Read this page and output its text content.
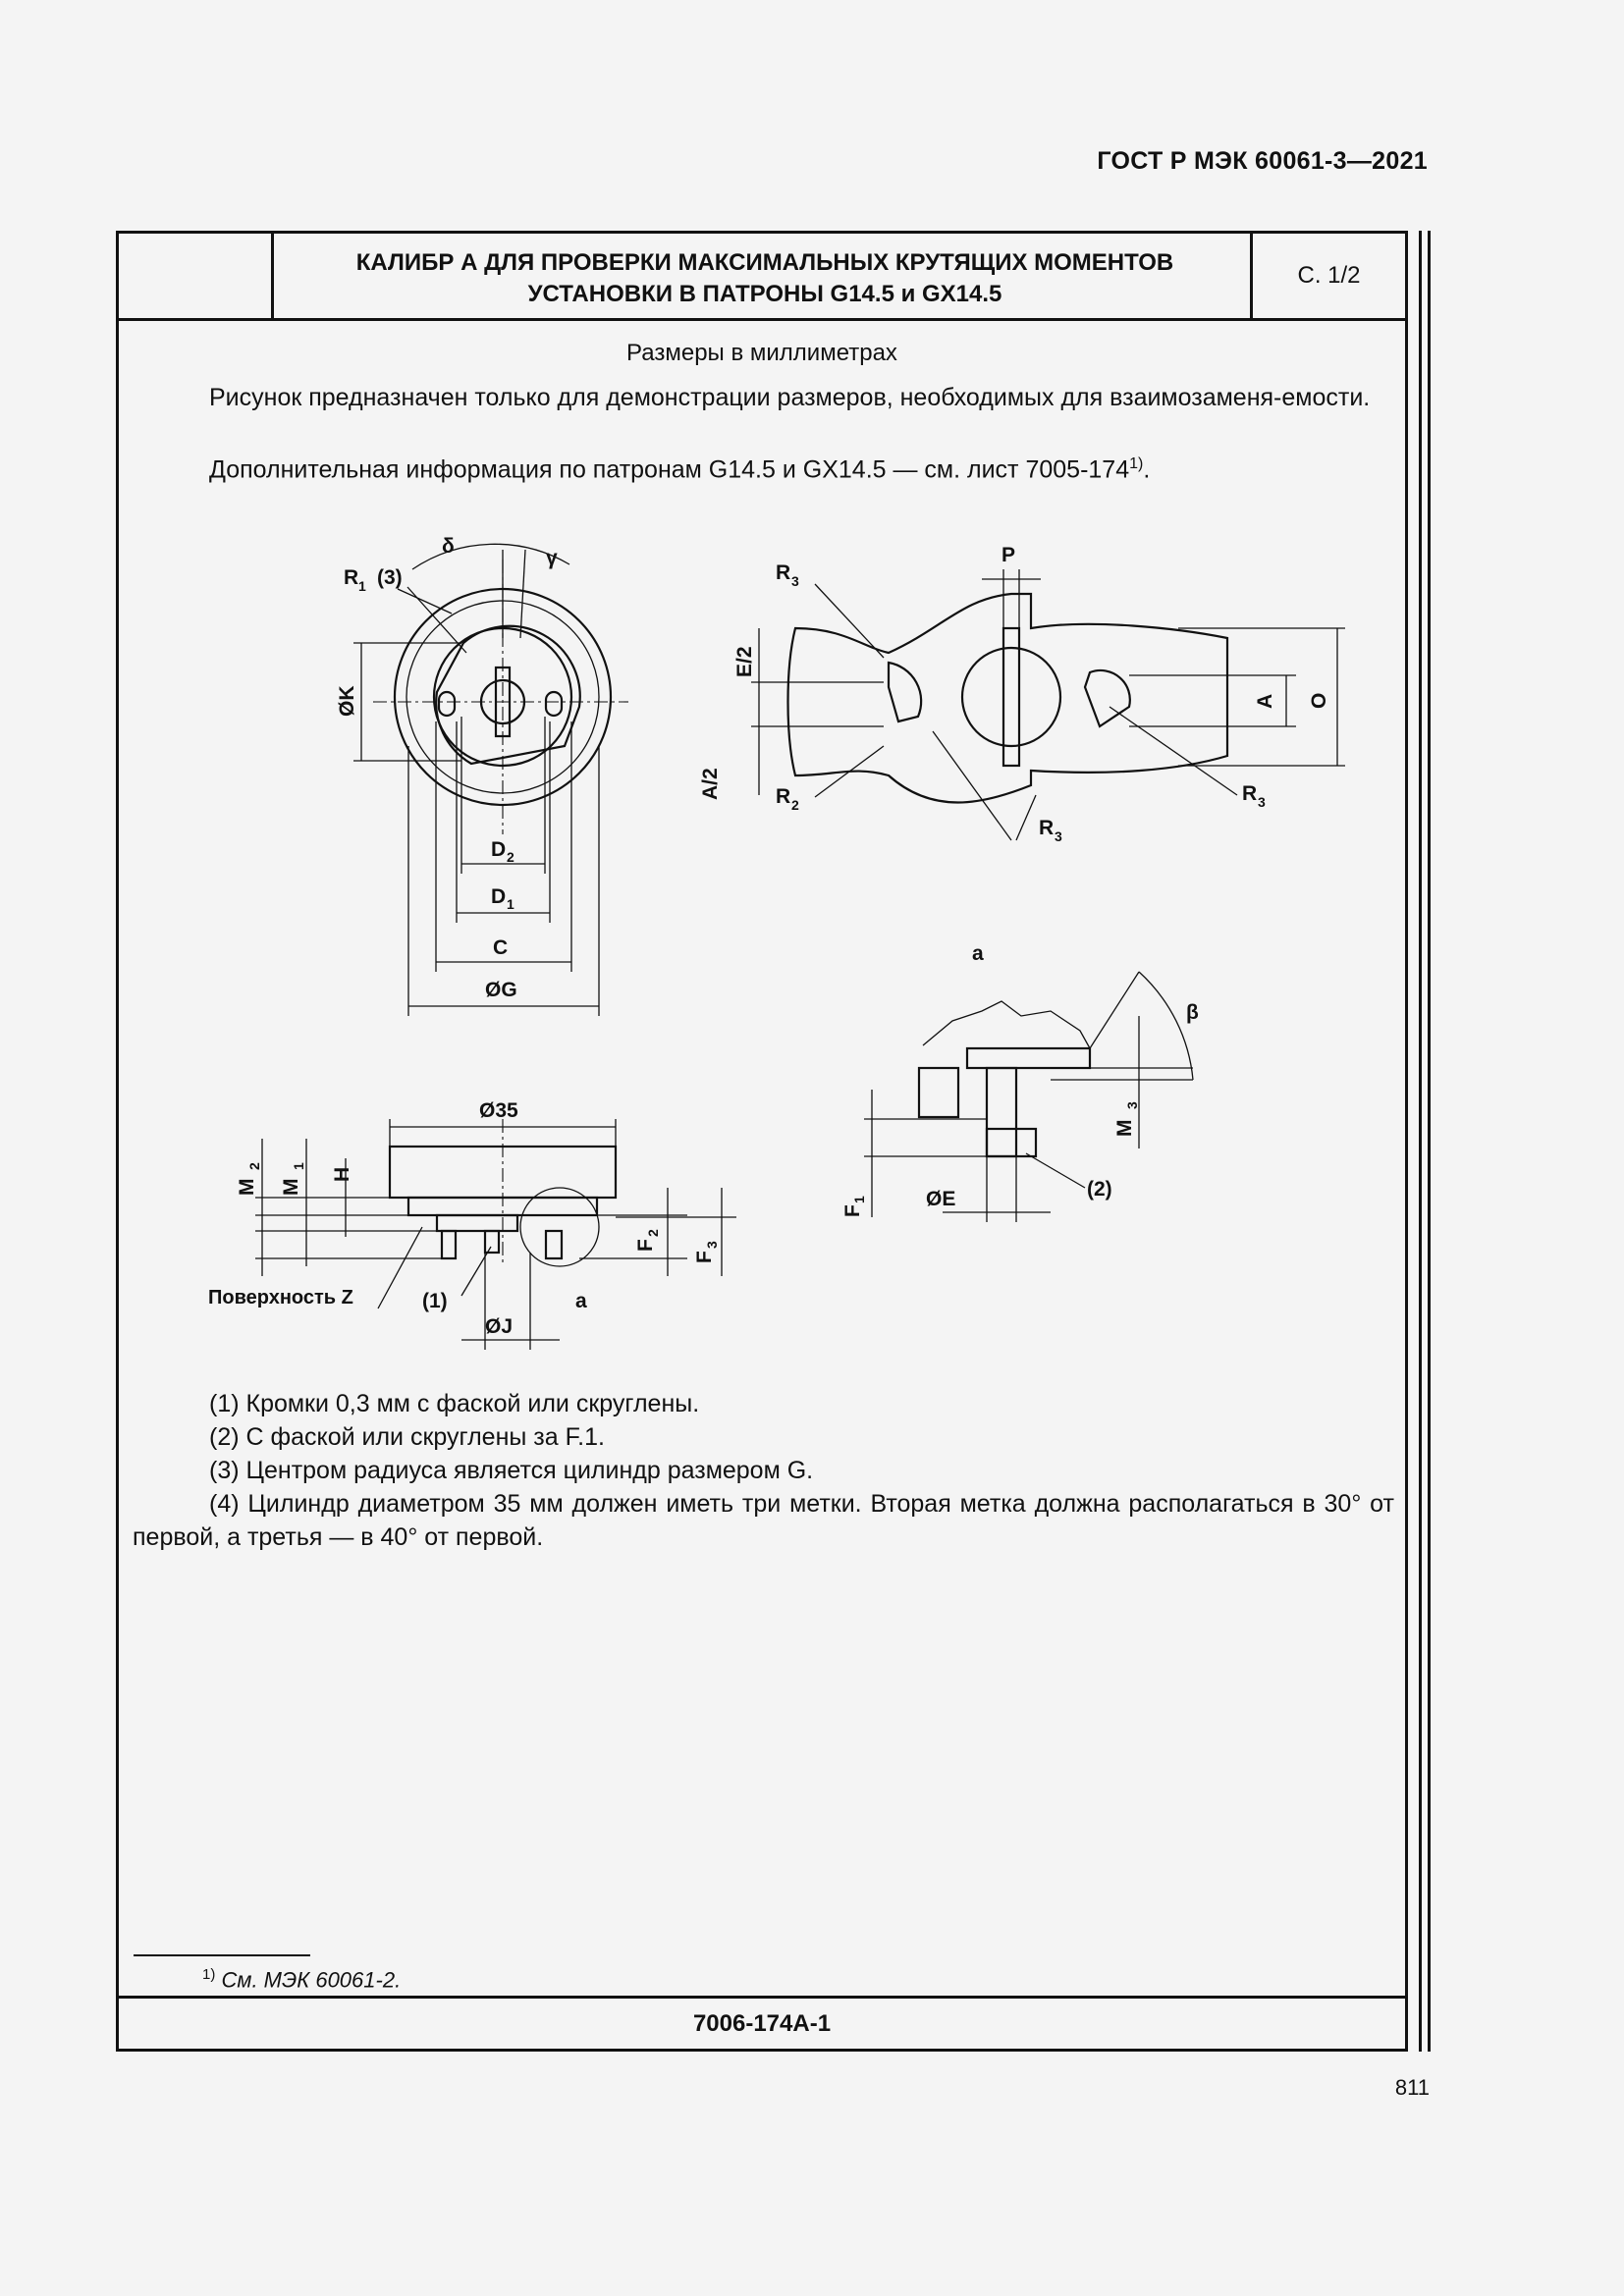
ГОСТ Р МЭК 60061-3—2021
КАЛИБР А ДЛЯ ПРОВЕРКИ МАКСИМАЛЬНЫХ КРУТЯЩИХ МОМЕНТОВ
УСТАНОВКИ В ПАТРОНЫ G14.5 и GX14.5
С. 1/2
Размеры в миллиметрах
Рисунок предназначен только для демонстрации размеров, необходимых для взаимозаменя-емости.
Дополнительная информация по патронам G14.5 и GX14.5 — см. лист 7005-174$^{1)}$.
(1) Кромки 0,3 мм с фаской или скруглены.
(2) С фаской или скруглены за F.1.
(3) Центром радиуса является цилиндр размером G.
(4) Цилиндр диаметром 35 мм должен иметь три метки. Вторая метка должна располагаться в 30° от первой, а третья — в 40° от первой.
$^{1)}$ См. МЭК 60061-2.
7006-174A-1
δ
γ
R 1 (3)
ØK
D 2
D 1
C
ØG
O
A
P
E/2
A/2
R 3
R 2
R 3
R 3
a
β
M
3
F
1	ØE	(2)
Ø35
M
2
M
1
H
F
2
F
3
ØJ
Поверхность Z	(1)	a
811
